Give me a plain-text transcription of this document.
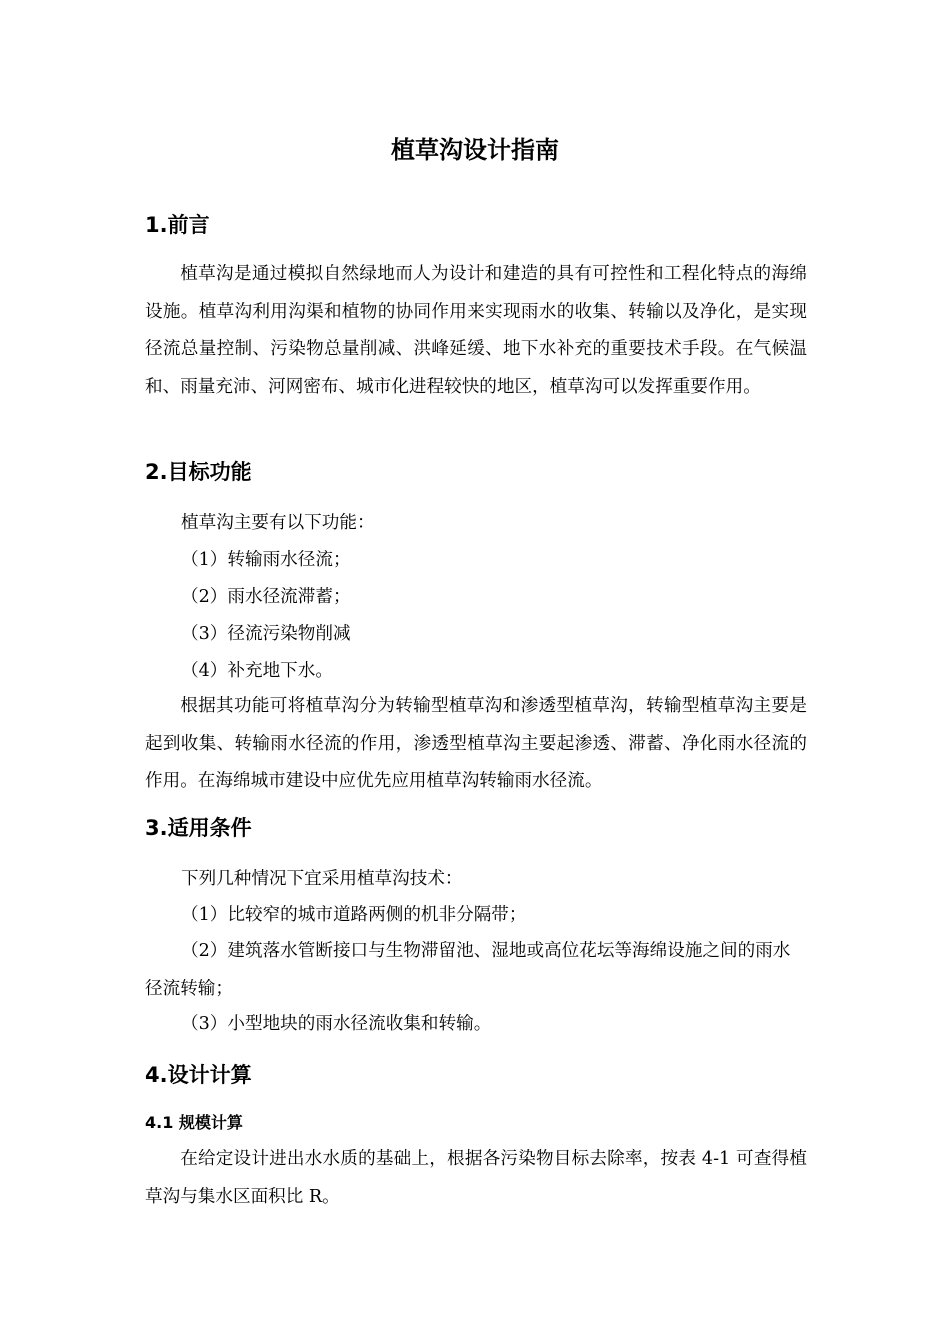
植草沟设计指南
1.前言

植草沟是通过模拟自然绿地而人为设计和建造的具有可控性和工程化特点的海绵设施。植草沟利用沟渠和植物的协同作用来实现雨水的收集、转输以及净化，是实现径流总量控制、污染物总量削减、洪峰延缓、地下水补充的重要技术手段。在气候温和、雨量充沛、河网密布、城市化进程较快的地区，植草沟可以发挥重要作用。

2.目标功能

植草沟主要有以下功能：

（1）转输雨水径流；

（2）雨水径流滞蓄；

（3）径流污染物削减

（4）补充地下水。

根据其功能可将植草沟分为转输型植草沟和渗透型植草沟，转输型植草沟主要是起到收集、转输雨水径流的作用，渗透型植草沟主要起渗透、滞蓄、净化雨水径流的作用。在海绵城市建设中应优先应用植草沟转输雨水径流。

3.适用条件

下列几种情况下宜采用植草沟技术：

（1）比较窄的城市道路两侧的机非分隔带；

（2）建筑落水管断接口与生物滞留池、湿地或高位花坛等海绵设施之间的雨水径流转输；

（3）小型地块的雨水径流收集和转输。

4.设计计算
4.1 规模计算

在给定设计进出水水质的基础上，根据各污染物目标去除率，按表 4-1 可查得植草沟与集水区面积比 R。
